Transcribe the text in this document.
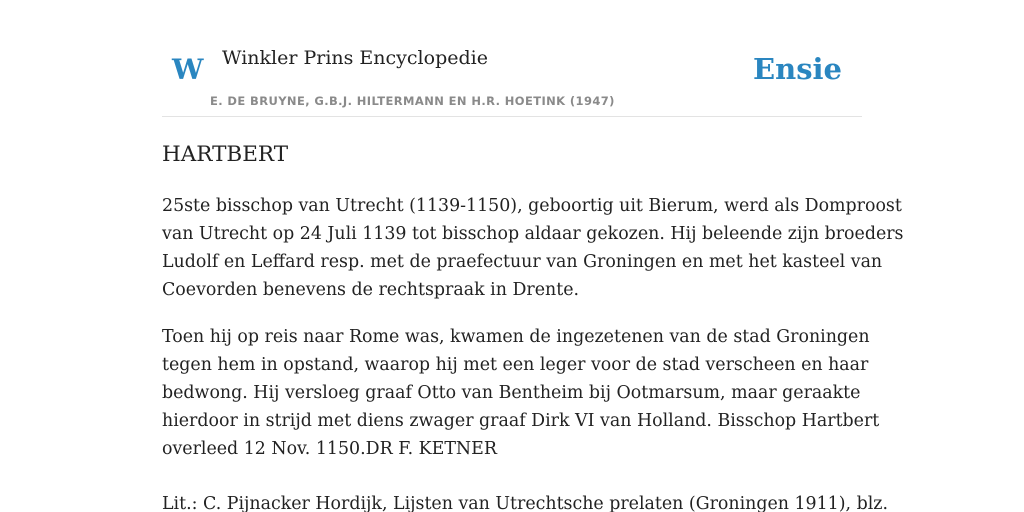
W Winkler Prins Encyclopedie
E. DE BRUYNE, G.B.J. HILTERMANN EN H.R. HOETINK (1947)
Ensie
HARTBERT

25ste bisschop van Utrecht (1139-1150), geboortig uit Bierum, werd als Domproost
van Utrecht op 24 Juli 1139 tot bisschop aldaar gekozen. Hij beleende zijn broeders
Ludolf en Leffard resp. met de praefectuur van Groningen en met het kasteel van
Coevorden benevens de rechtspraak in Drente.

Toen hij op reis naar Rome was, kwamen de ingezetenen van de stad Groningen
tegen hem in opstand, waarop hij met een leger voor de stad verscheen en haar
bedwong. Hij versloeg graaf Otto van Bentheim bij Ootmarsum, maar geraakte
hierdoor in strijd met diens zwager graaf Dirk VI van Holland. Bisschop Hartbert
overleed 12 Nov. 1150.DR F. KETNER

Lit.: C. Pijnacker Hordijk, Lijsten van Utrechtsche prelaten (Groningen 1911), blz.
